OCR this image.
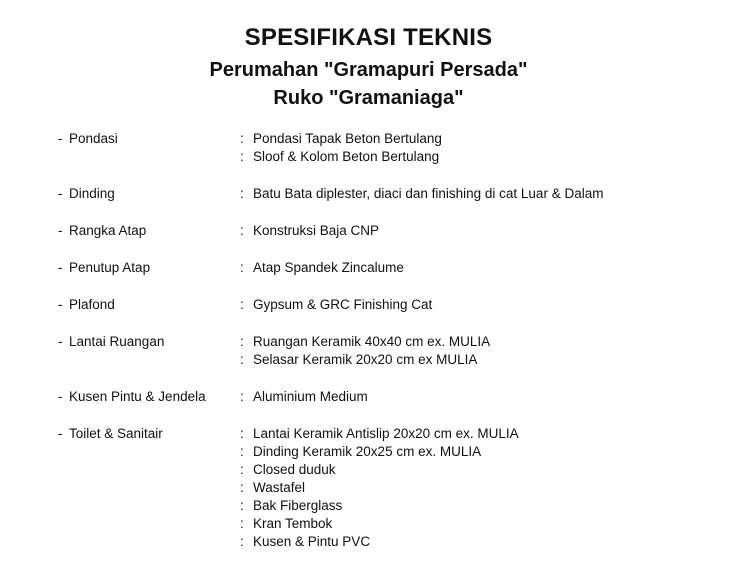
SPESIFIKASI TEKNIS
Perumahan "Gramapuri Persada"
Ruko "Gramaniaga"
- Pondasi	: Pondasi Tapak Beton Bertulang
: Sloof & Kolom Beton Bertulang
- Dinding	: Batu Bata diplester, diaci dan finishing di cat Luar & Dalam
- Rangka Atap	: Konstruksi Baja CNP
- Penutup Atap	: Atap Spandek Zincalume
- Plafond	: Gypsum & GRC Finishing Cat
- Lantai Ruangan	: Ruangan Keramik 40x40 cm ex. MULIA
: Selasar Keramik 20x20 cm ex MULIA
- Kusen Pintu & Jendela	: Aluminium Medium
- Toilet & Sanitair	: Lantai Keramik Antislip 20x20 cm ex. MULIA
: Dinding Keramik 20x25 cm ex. MULIA
: Closed duduk
: Wastafel
: Bak Fiberglass
: Kran Tembok
: Kusen & Pintu PVC
